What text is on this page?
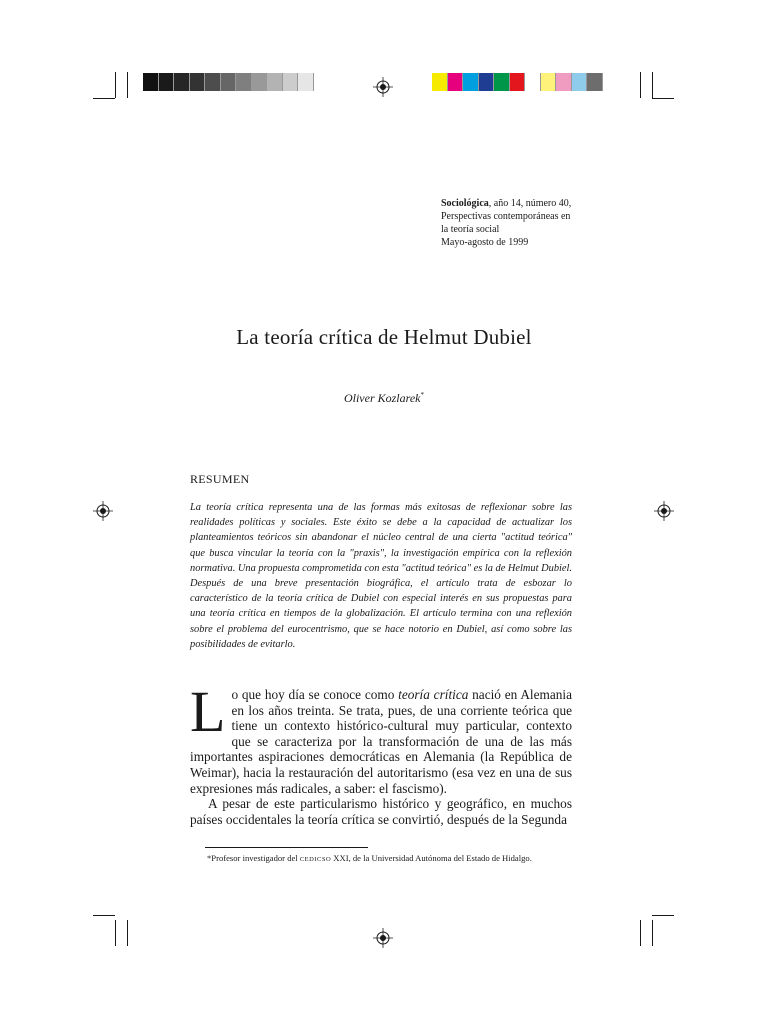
Sociológica, año 14, número 40,
Perspectivas contemporáneas en
la teoría social
Mayo-agosto de 1999
La teoría crítica de Helmut Dubiel
Oliver Kozlarek*
RESUMEN

La teoría crítica representa una de las formas más exitosas de reflexionar sobre las realidades políticas y sociales. Este éxito se debe a la capacidad de actualizar los planteamientos teóricos sin abandonar el núcleo central de una cierta "actitud teórica" que busca vincular la teoría con la "praxis", la investigación empírica con la reflexión normativa. Una propuesta comprometida con esta "actitud teórica" es la de Helmut Dubiel. Después de una breve presentación biográfica, el artículo trata de esbozar lo característico de la teoría crítica de Dubiel con especial interés en sus propuestas para una teoría crítica en tiempos de la globalización. El artículo termina con una reflexión sobre el problema del eurocentrismo, que se hace notorio en Dubiel, así como sobre las posibilidades de evitarlo.

Lo que hoy día se conoce como teoría crítica nació en Alemania en los años treinta. Se trata, pues, de una corriente teórica que tiene un contexto histórico-cultural muy particular, contexto que se caracteriza por la transformación de una de las más importantes aspiraciones democráticas en Alemania (la República de Weimar), hacia la restauración del autoritarismo (esa vez en una de sus expresiones más radicales, a saber: el fascismo).

A pesar de este particularismo histórico y geográfico, en muchos países occidentales la teoría crítica se convirtió, después de la Segunda

*Profesor investigador del CEDICSO XXI, de la Universidad Autónoma del Estado de Hidalgo.
